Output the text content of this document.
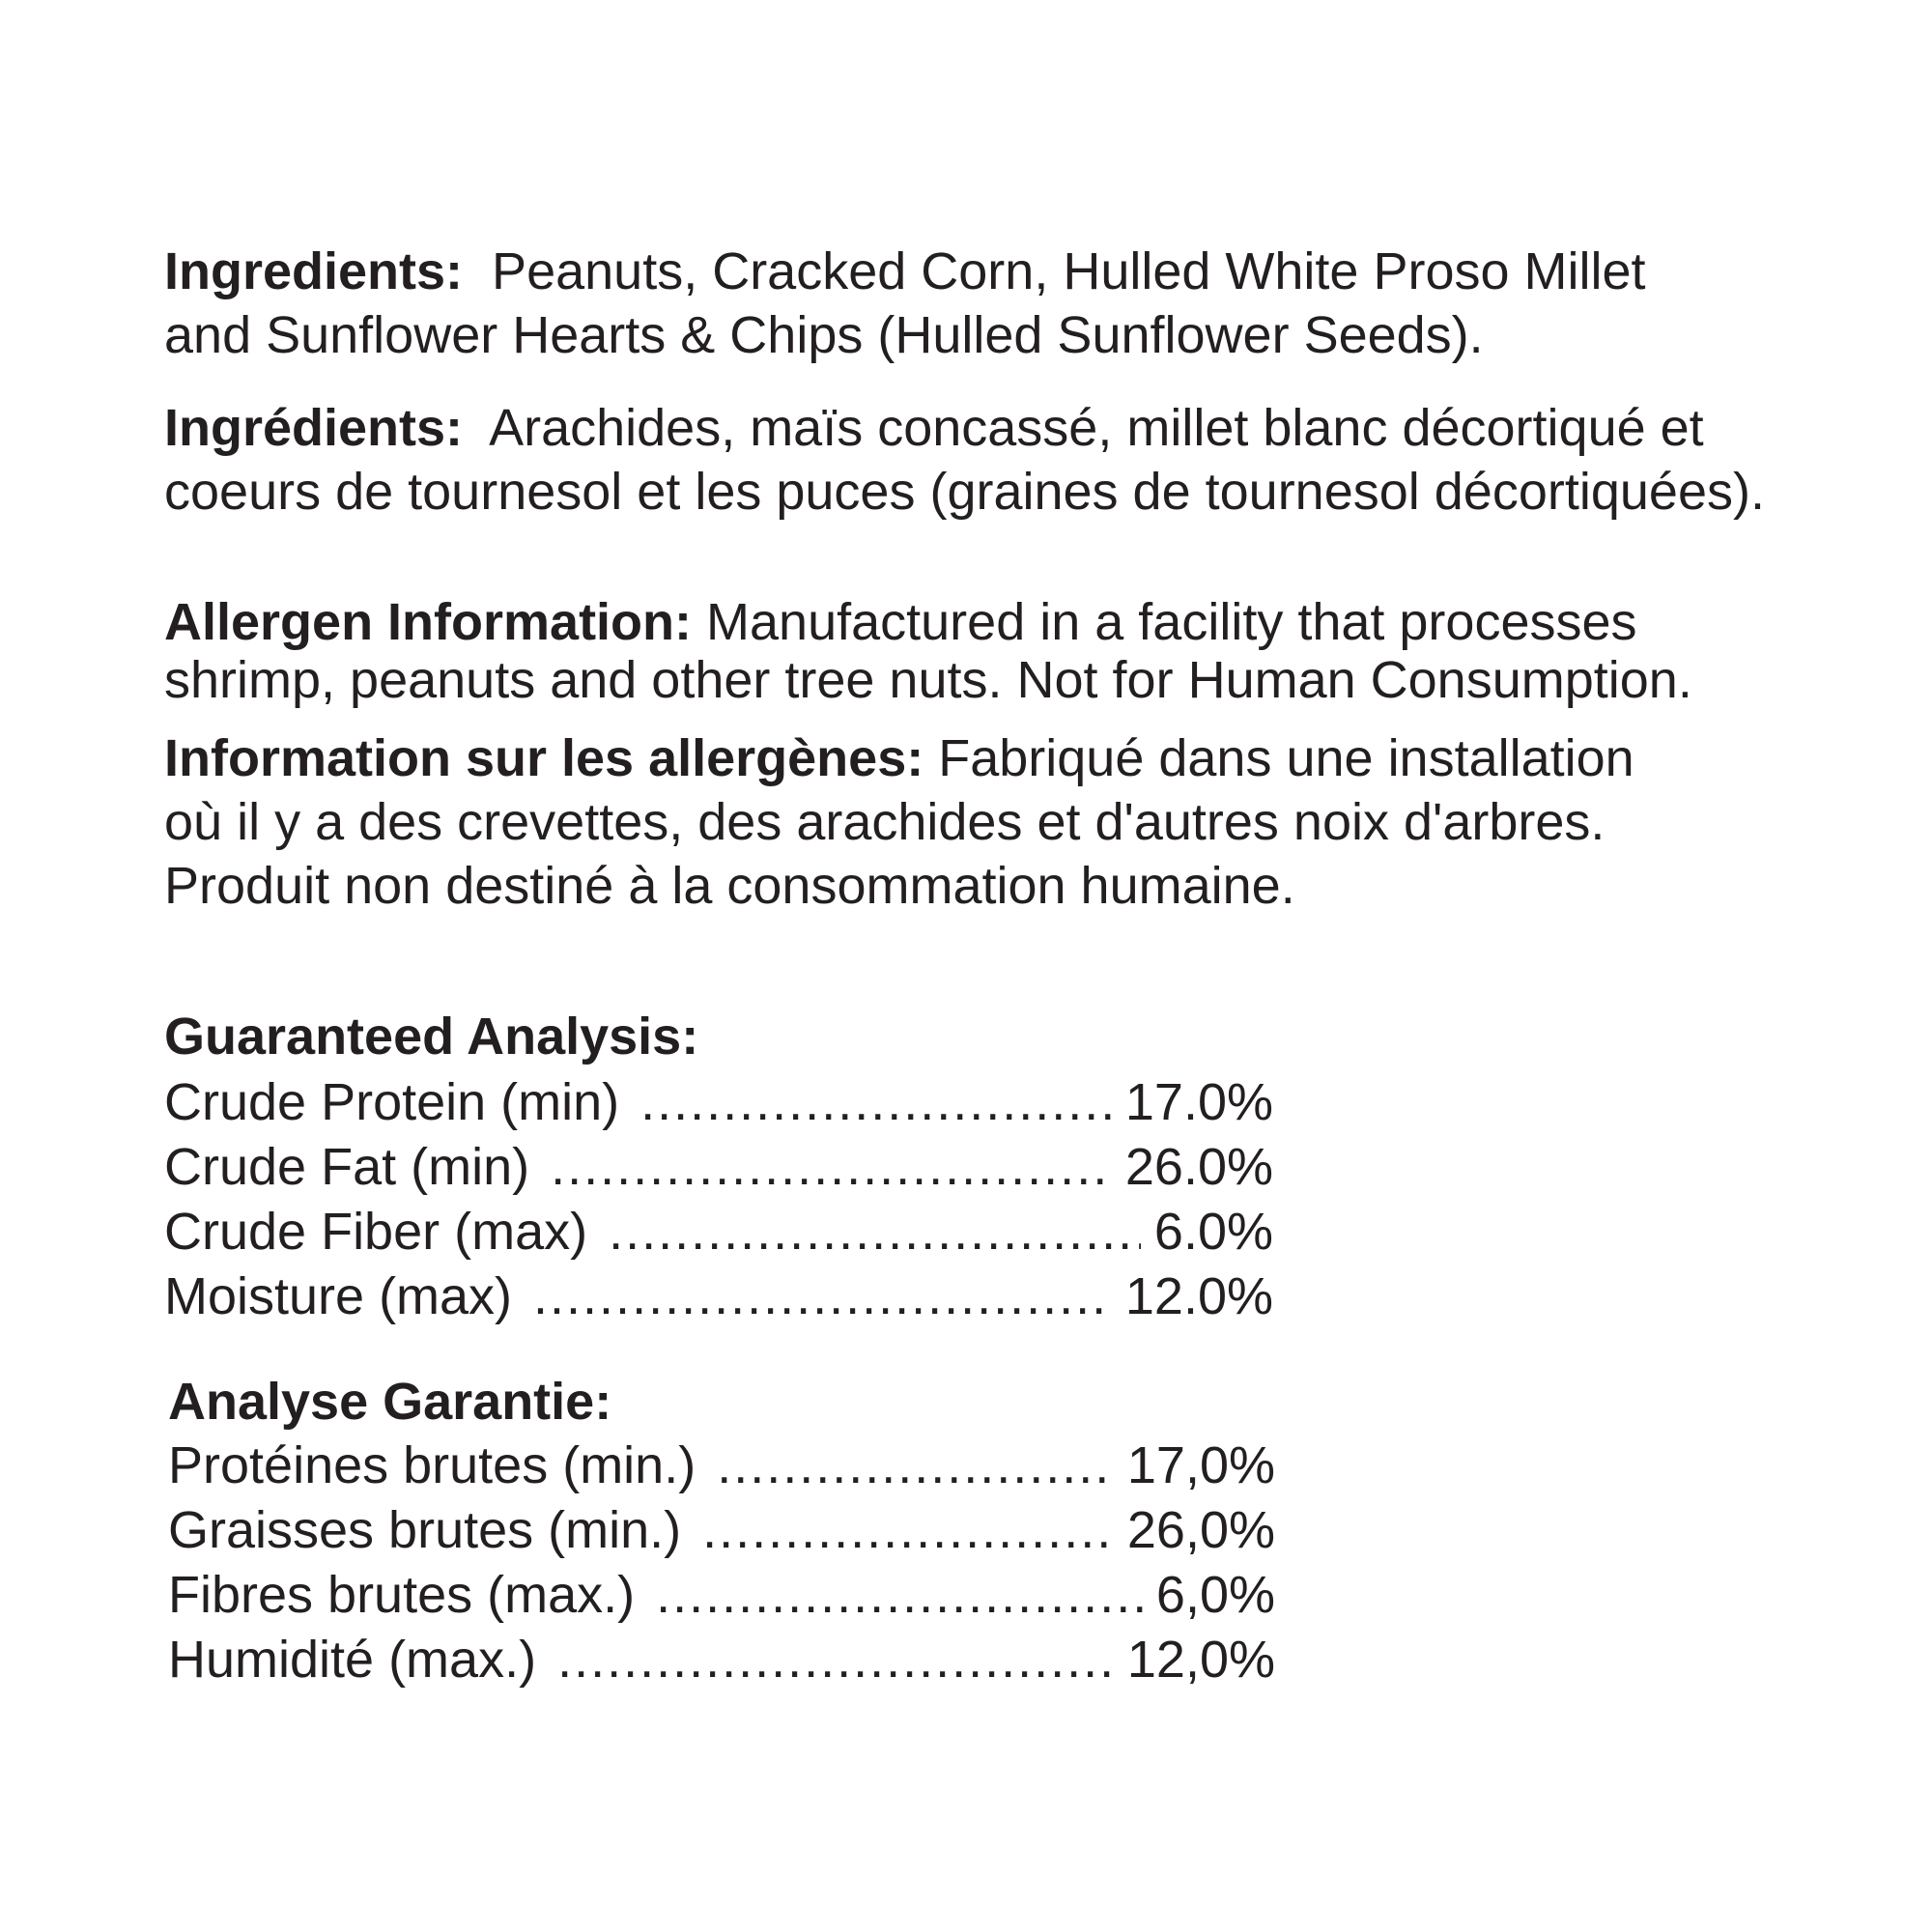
Ingredients: Peanuts, Cracked Corn, Hulled White Proso Millet
and Sunflower Hearts & Chips (Hulled Sunflower Seeds).
Ingrédients: Arachides, maïs concassé, millet blanc décortiqué et
coeurs de tournesol et les puces (graines de tournesol décortiquées).
Allergen Information: Manufactured in a facility that processes
shrimp, peanuts and other tree nuts. Not for Human Consumption.
Information sur les allergènes: Fabriqué dans une installation
où il y a des crevettes, des arachides et d'autres noix d'arbres.
Produit non destiné à la consommation humaine.
Guaranteed Analysis:
Crude Protein (min) .....	17.0%
Crude Fat (min) .....	26.0%
Crude Fiber (max) .....	6.0%
Moisture (max) .....	12.0%
Analyse Garantie:
Protéines brutes (min.) .....	17,0%
Graisses brutes (min.) .....	26,0%
Fibres brutes (max.) .....	6,0%
Humidité (max.) .....	12,0%
